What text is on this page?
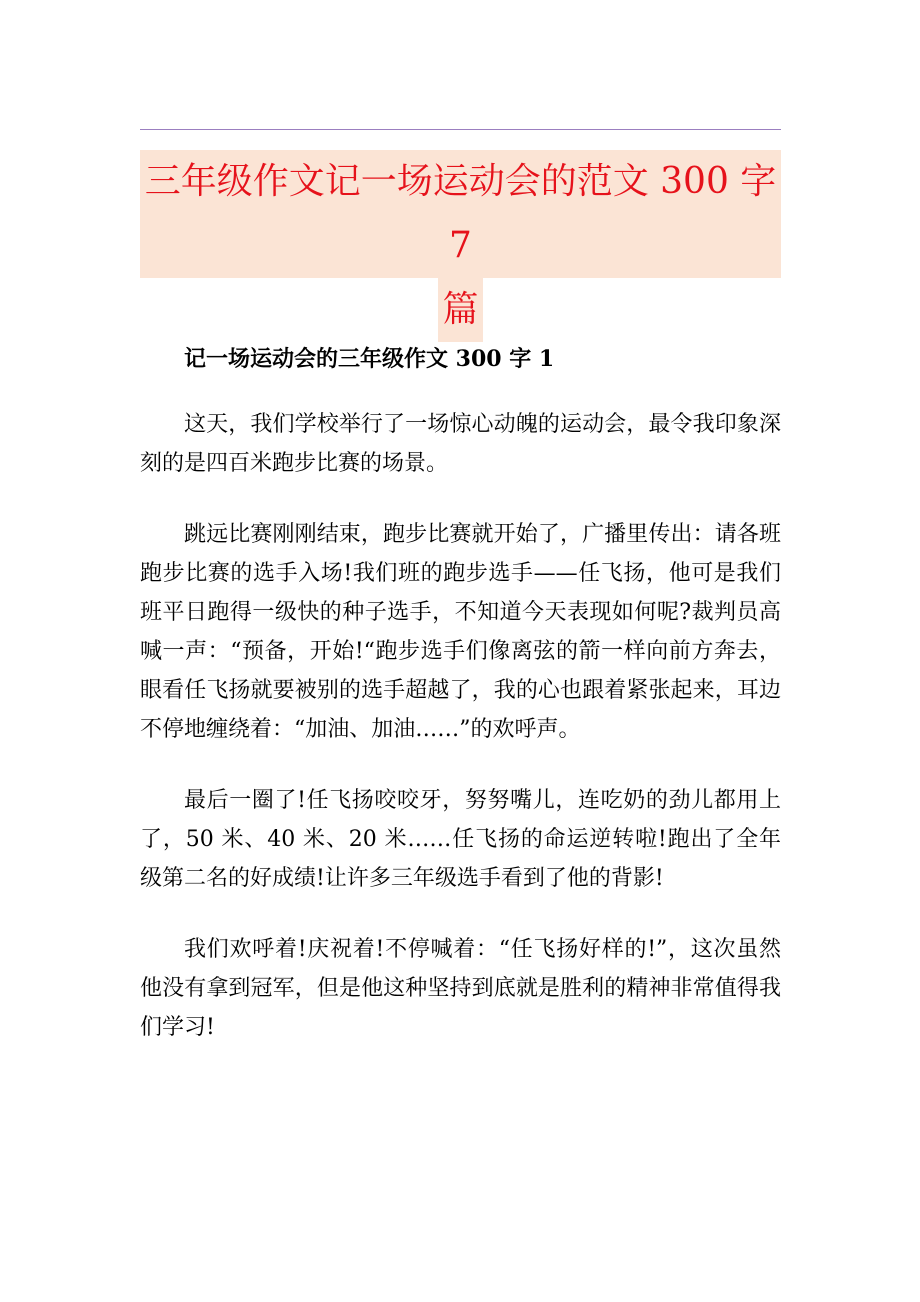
三年级作文记一场运动会的范文 300 字 7
篇

记一场运动会的三年级作文 300 字 1

这天，我们学校举行了一场惊心动魄的运动会，最令我印象深刻的是四百米跑步比赛的场景。

跳远比赛刚刚结束，跑步比赛就开始了，广播里传出：请各班跑步比赛的选手入场!我们班的跑步选手——任飞扬，他可是我们班平日跑得一级快的种子选手，不知道今天表现如何呢?裁判员高喊一声：“预备，开始!“跑步选手们像离弦的箭一样向前方奔去，眼看任飞扬就要被别的选手超越了，我的心也跟着紧张起来，耳边不停地缠绕着：“加油、加油……”的欢呼声。

最后一圈了!任飞扬咬咬牙，努努嘴儿，连吃奶的劲儿都用上了，50 米、40 米、20 米……任飞扬的命运逆转啦!跑出了全年级第二名的好成绩!让许多三年级选手看到了他的背影!

我们欢呼着!庆祝着!不停喊着：“任飞扬好样的!”，这次虽然他没有拿到冠军，但是他这种坚持到底就是胜利的精神非常值得我们学习!
